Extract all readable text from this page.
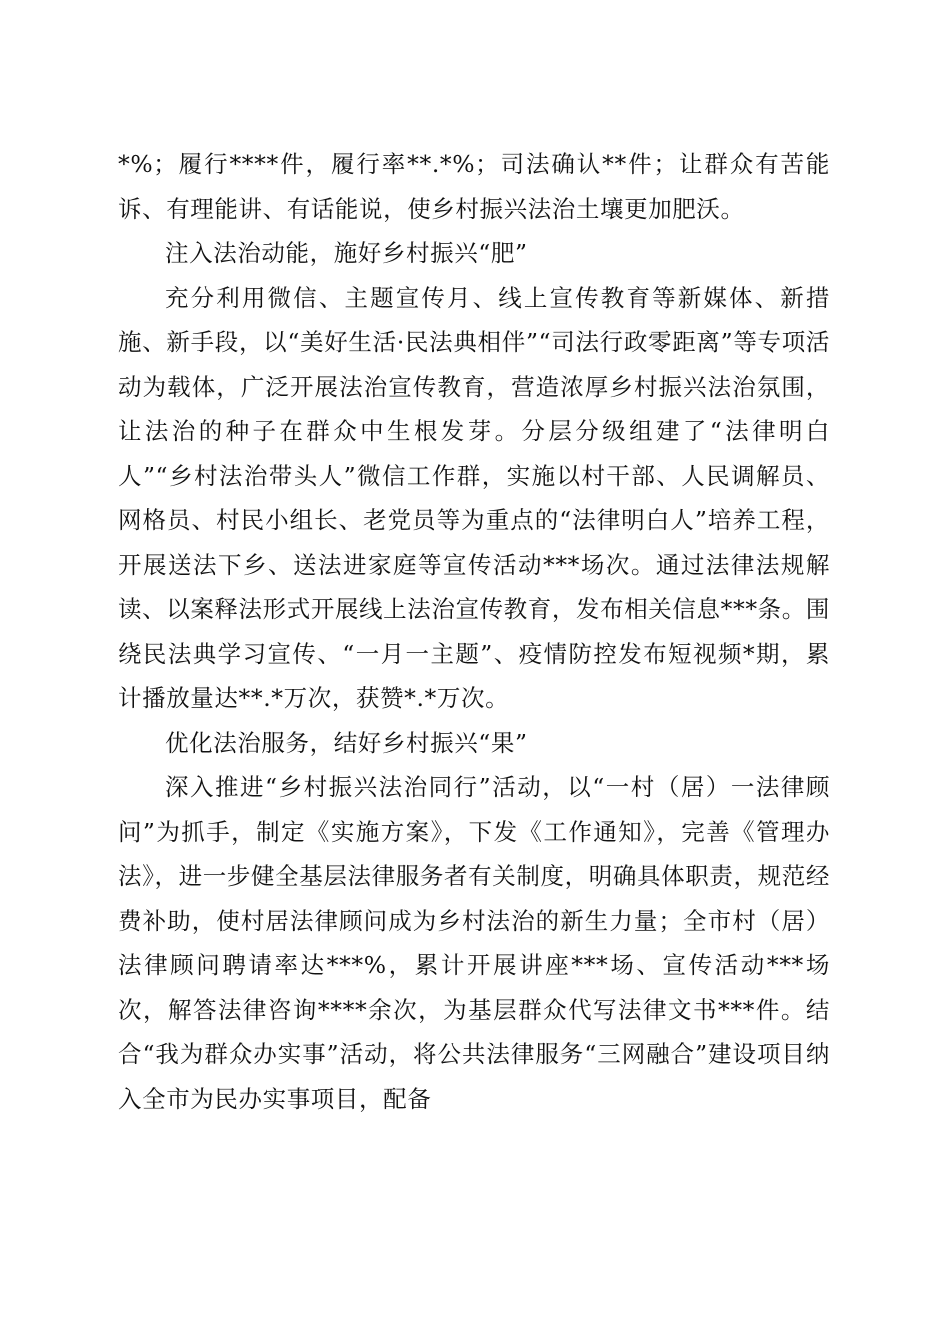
*%；履行****件，履行率**.*%；司法确认**件；让群众有苦能诉、有理能讲、有话能说，使乡村振兴法治土壤更加肥沃。

注入法治动能，施好乡村振兴“肥”

充分利用微信、主题宣传月、线上宣传教育等新媒体、新措施、新手段，以“美好生活·民法典相伴”“司法行政零距离”等专项活动为载体，广泛开展法治宣传教育，营造浓厚乡村振兴法治氛围，让法治的种子在群众中生根发芽。分层分级组建了“法律明白人”“乡村法治带头人”微信工作群，实施以村干部、人民调解员、网格员、村民小组长、老党员等为重点的“法律明白人”培养工程，开展送法下乡、送法进家庭等宣传活动***场次。通过法律法规解读、以案释法形式开展线上法治宣传教育，发布相关信息***条。围绕民法典学习宣传、“一月一主题”、疫情防控发布短视频*期，累计播放量达**.*万次，获赞*.*万次。

优化法治服务，结好乡村振兴“果”

深入推进“乡村振兴法治同行”活动，以“一村（居）一法律顾问”为抓手，制定《实施方案》，下发《工作通知》，完善《管理办法》，进一步健全基层法律服务者有关制度，明确具体职责，规范经费补助，使村居法律顾问成为乡村法治的新生力量；全市村（居）法律顾问聘请率达***%，累计开展讲座***场、宣传活动***场次，解答法律咨询****余次，为基层群众代写法律文书***件。结合“我为群众办实事”活动，将公共法律服务“三网融合”建设项目纳入全市为民办实事项目，配备
